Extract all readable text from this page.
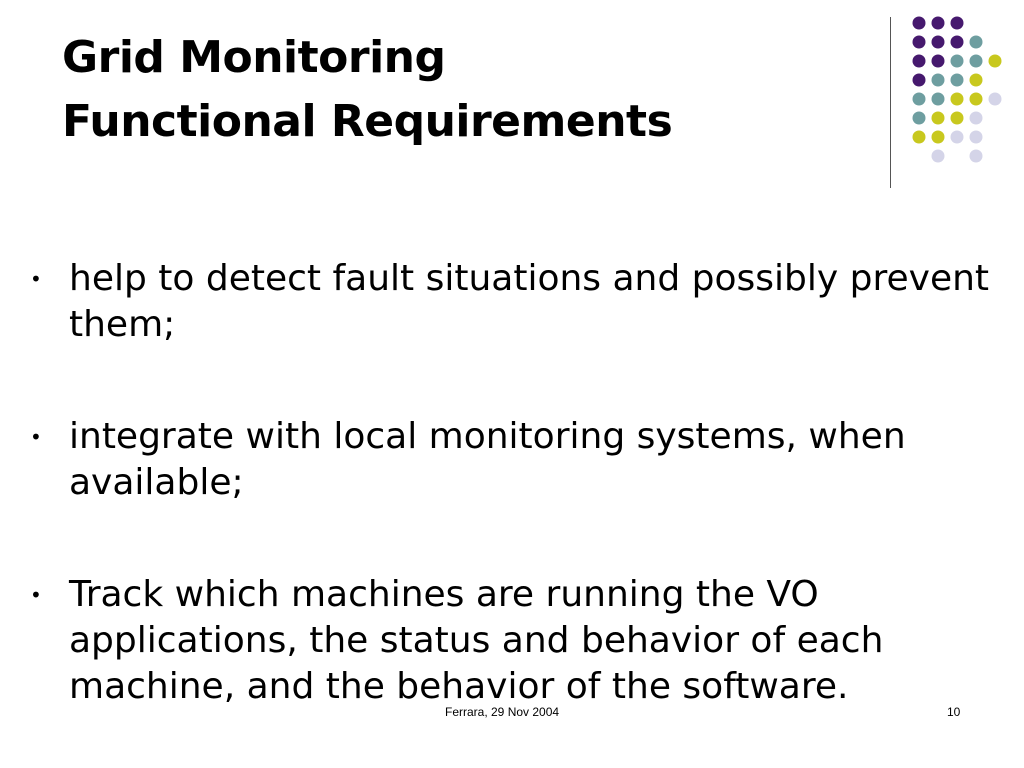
Grid Monitoring
Functional Requirements
• help to detect fault situations and possibly prevent them;
• integrate with local monitoring systems, when available;
• Track which machines are running the VO applications, the status and behavior of each machine, and the behavior of the software.
Ferrara, 29 Nov 2004	10
